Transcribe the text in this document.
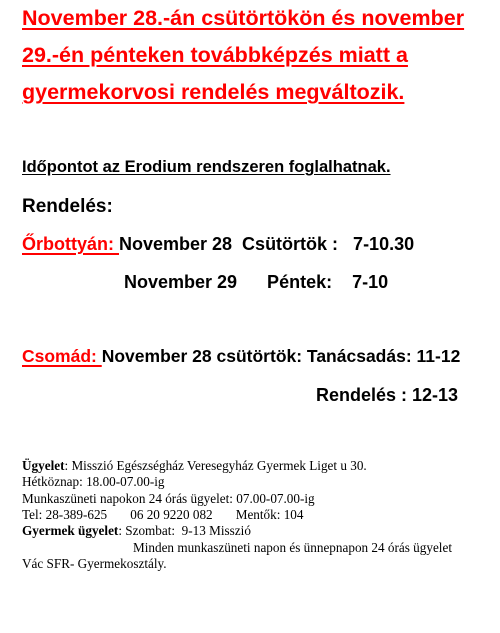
November 28.-án csütörtökön és november
29.-én pénteken továbbképzés miatt a
gyermekorvosi rendelés megváltozik.
Időpontot az Erodium rendszeren foglalhatnak.
Rendelés:
Őrbottyán: November 28  Csütörtök :   7-10.30
November 29      Péntek:    7-10
Csomád: November 28 csütörtök: Tanácsadás: 11-12
Rendelés : 12-13
Ügyelet: Misszió Egészségház Veresegyház Gyermek Liget u 30.
Hétköznap: 18.00-07.00-ig
Munkaszüneti napokon 24 órás ügyelet: 07.00-07.00-ig
Tel: 28-389-625       06 20 9220 082       Mentők: 104
Gyermek ügyelet: Szombat:  9-13 Misszió
Minden munkaszüneti napon és ünnepnapon 24 órás ügyelet
Vác SFR- Gyermekosztály.
